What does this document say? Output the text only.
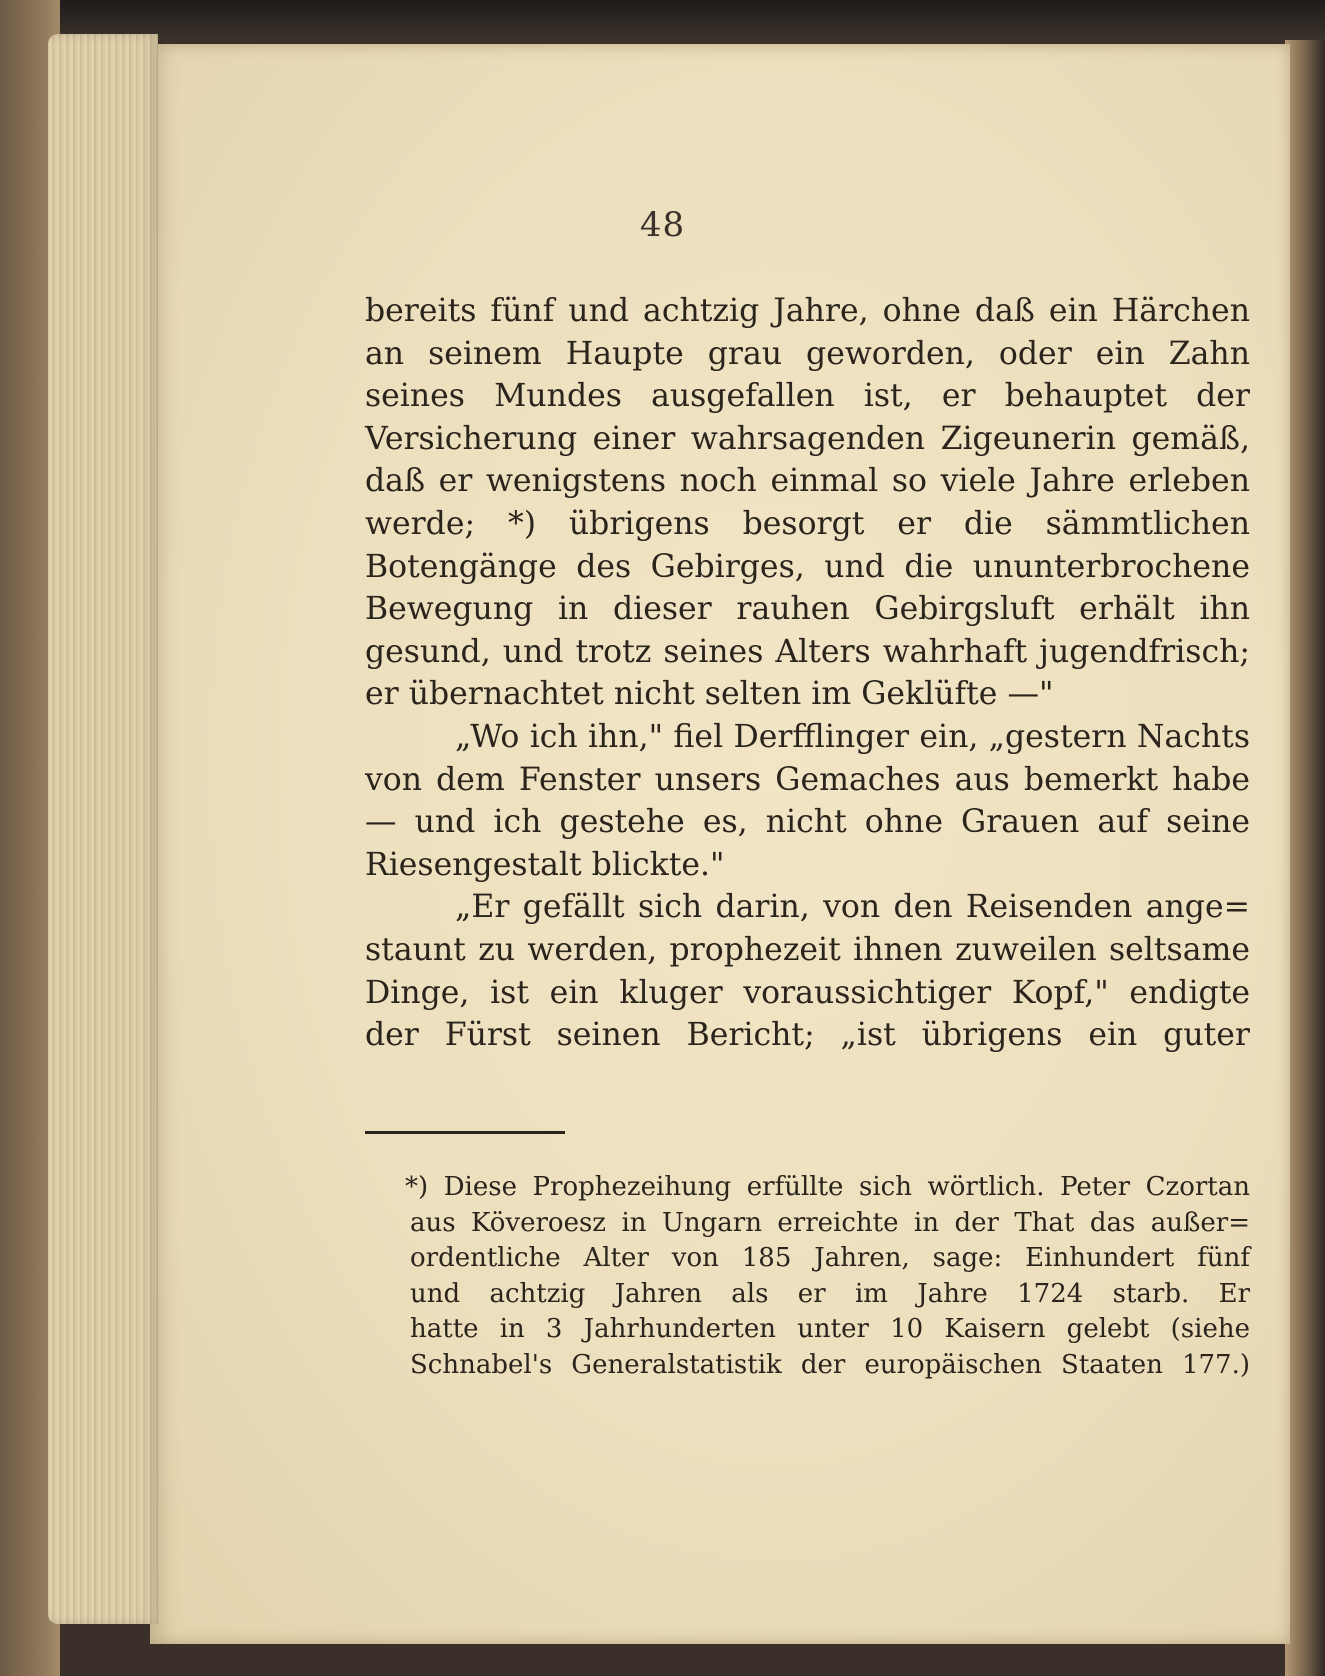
48
bereits fünf und achtzig Jahre, ohne daß ein Härchen
an seinem Haupte grau geworden, oder ein Zahn
seines Mundes ausgefallen ist, er behauptet der
Versicherung einer wahrsagenden Zigeunerin gemäß,
daß er wenigstens noch einmal so viele Jahre erleben
werde; *) übrigens besorgt er die sämmtlichen
Botengänge des Gebirges, und die ununterbrochene
Bewegung in dieser rauhen Gebirgsluft erhält ihn
gesund, und trotz seines Alters wahrhaft jugendfrisch;
er übernachtet nicht selten im Geklüfte —"
„Wo ich ihn," fiel Derfflinger ein, „gestern Nachts
von dem Fenster unsers Gemaches aus bemerkt habe
— und ich gestehe es, nicht ohne Grauen auf seine
Riesengestalt blickte."
„Er gefällt sich darin, von den Reisenden ange=
staunt zu werden, prophezeit ihnen zuweilen seltsame
Dinge, ist ein kluger voraussichtiger Kopf," endigte
der Fürst seinen Bericht; „ist übrigens ein guter
*) Diese Prophezeihung erfüllte sich wörtlich. Peter Czortan
aus Köveroesz in Ungarn erreichte in der That das außer=
ordentliche Alter von 185 Jahren, sage: Einhundert fünf
und achtzig Jahren als er im Jahre 1724 starb. Er
hatte in 3 Jahrhunderten unter 10 Kaisern gelebt (siehe
Schnabel's Generalstatistik der europäischen Staaten 177.)
